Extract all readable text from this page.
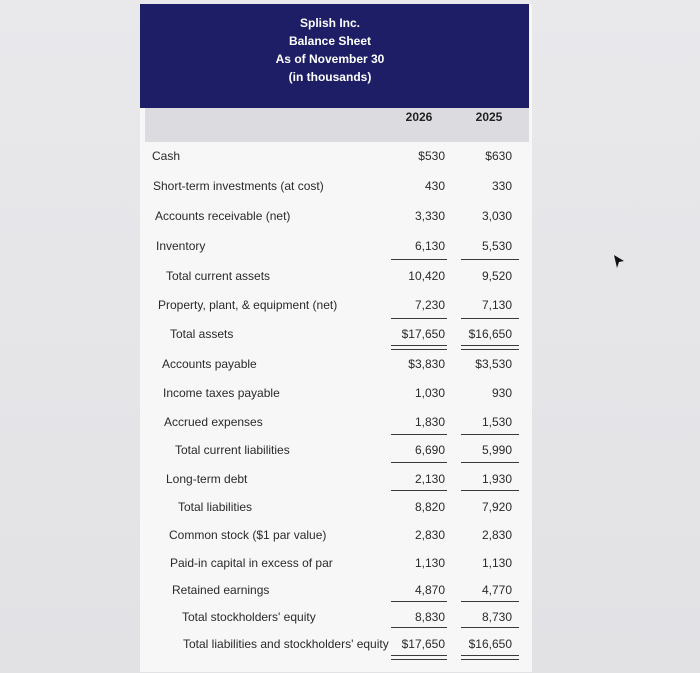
Splish Inc.
Balance Sheet
As of November 30
(in thousands)
2026	2025
Cash	$530	$630
Short-term investments (at cost)	430	330
Accounts receivable (net)	3,330	3,030
Inventory	6,130	5,530
Total current assets	10,420	9,520
Property, plant, & equipment (net)	7,230	7,130
Total assets	$17,650	$16,650
Accounts payable	$3,830	$3,530
Income taxes payable	1,030	930
Accrued expenses	1,830	1,530
Total current liabilities	6,690	5,990
Long-term debt	2,130	1,930
Total liabilities	8,820	7,920
Common stock ($1 par value)	2,830	2,830
Paid-in capital in excess of par	1,130	1,130
Retained earnings	4,870	4,770
Total stockholders' equity	8,830	8,730
Total liabilities and stockholders' equity	$17,650	$16,650
